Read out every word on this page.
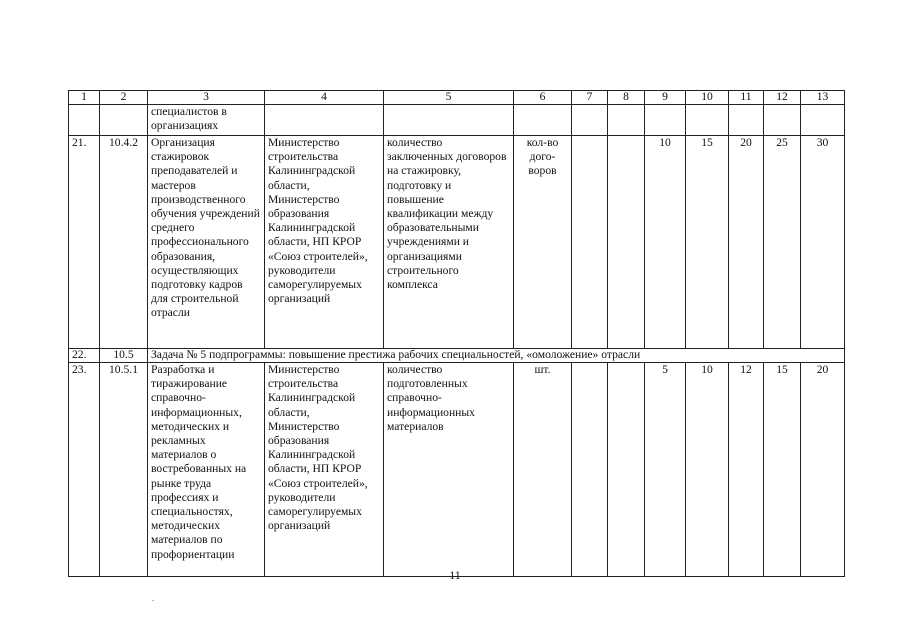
1	2	3	4	5	6	7	8	9	10	11	12	13
		специалистов в организациях										
21.	10.4.2	Организация стажировок преподавателей и мастеров производственного обучения учреждений среднего профессионального образования, осуществляющих подготовку кадров для строительной отрасли	Министерство строительства Калининградской области, Министерство образования Калининградской области, НП КРОР «Союз строителей», руководители саморегулируемых организаций	количество заключенных договоров на стажировку, подготовку и повышение квалификации между образовательными учреждениями и организациями строительного комплекса	кол-во дого-воров			10	15	20	25	30
22.	10.5	Задача № 5 подпрограммы: повышение престижа рабочих специальностей, «омоложение» отрасли										
23.	10.5.1	Разработка и тиражирование справочно-информационных, методических и рекламных материалов о востребованных на рынке труда профессиях и специальностях, методических материалов по профориентации	Министерство строительства Калининградской области, Министерство образования Калининградской области, НП КРОР «Союз строителей», руководители саморегулируемых организаций	количество подготовленных справочно-информационных материалов	шт.			5	10	12	15	20
11
